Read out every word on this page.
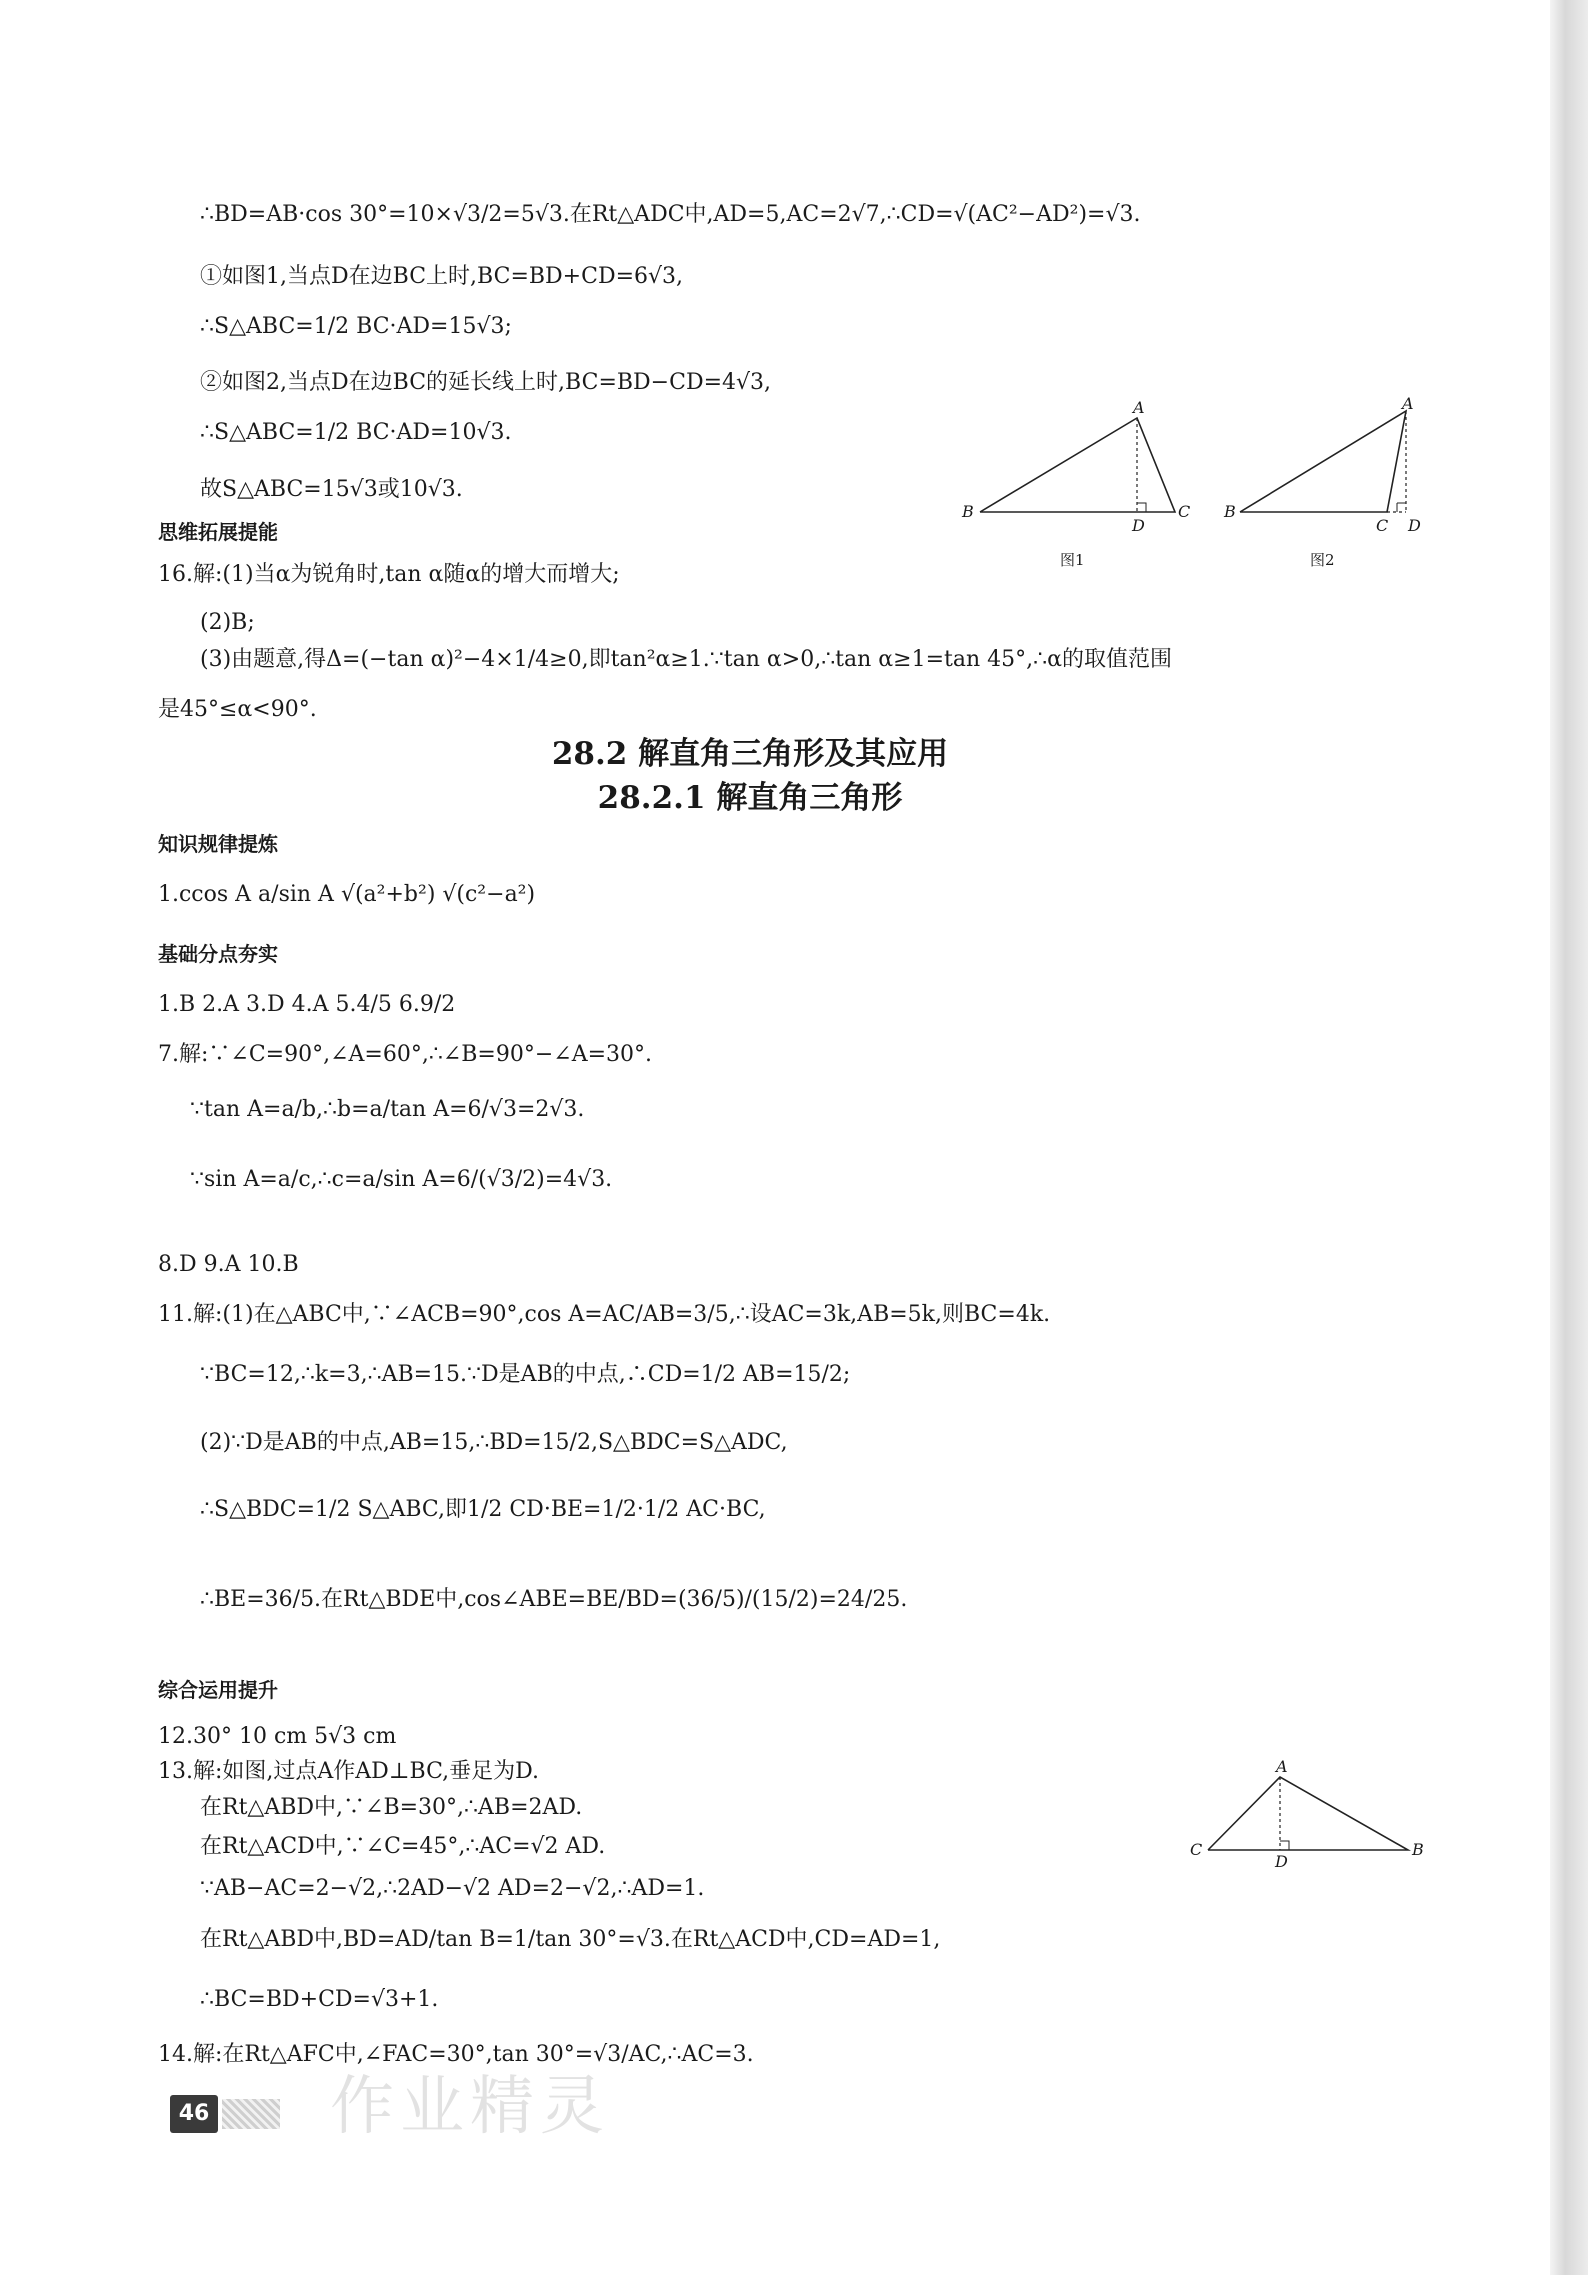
∴BD=AB·cos 30°=10×√3/2=5√3.在Rt△ADC中,AD=5,AC=2√7,∴CD=√(AC²−AD²)=√3.
①如图1,当点D在边BC上时,BC=BD+CD=6√3,
∴S△ABC=1/2 BC·AD=15√3;
②如图2,当点D在边BC的延长线上时,BC=BD−CD=4√3,
∴S△ABC=1/2 BC·AD=10√3.
故S△ABC=15√3或10√3.
A
B
D
C
图1
A
B
C D
图2
思维拓展提能
16.解:(1)当α为锐角时,tan α随α的增大而增大;
(2)B;
(3)由题意,得Δ=(−tan α)²−4×1/4≥0,即tan²α≥1.∵tan α>0,∴tan α≥1=tan 45°,∴α的取值范围
是45°≤α<90°.
28.2 解直角三角形及其应用
28.2.1 解直角三角形
知识规律提炼
1.ccos A a/sin A √(a²+b²) √(c²−a²)
基础分点夯实
1.B 2.A 3.D 4.A 5.4/5 6.9/2
7.解:∵∠C=90°,∠A=60°,∴∠B=90°−∠A=30°.
∵tan A=a/b,∴b=a/tan A=6/√3=2√3.
∵sin A=a/c,∴c=a/sin A=6/(√3/2)=4√3.
8.D 9.A 10.B
11.解:(1)在△ABC中,∵∠ACB=90°,cos A=AC/AB=3/5,∴设AC=3k,AB=5k,则BC=4k.
∵BC=12,∴k=3,∴AB=15.∵D是AB的中点,∴CD=1/2 AB=15/2;
(2)∵D是AB的中点,AB=15,∴BD=15/2,S△BDC=S△ADC,
∴S△BDC=1/2 S△ABC,即1/2 CD·BE=1/2·1/2 AC·BC,
∴BE=36/5.在Rt△BDE中,cos∠ABE=BE/BD=(36/5)/(15/2)=24/25.
综合运用提升
12.30° 10 cm 5√3 cm
13.解:如图,过点A作AD⊥BC,垂足为D.
在Rt△ABD中,∵∠B=30°,∴AB=2AD.
在Rt△ACD中,∵∠C=45°,∴AC=√2 AD.
∵AB−AC=2−√2,∴2AD−√2 AD=2−√2,∴AD=1.
在Rt△ABD中,BD=AD/tan B=1/tan 30°=√3.在Rt△ACD中,CD=AD=1,
∴BC=BD+CD=√3+1.
14.解:在Rt△AFC中,∠FAC=30°,tan 30°=√3/AC,∴AC=3.
A
C
D
B
作业精灵
46
